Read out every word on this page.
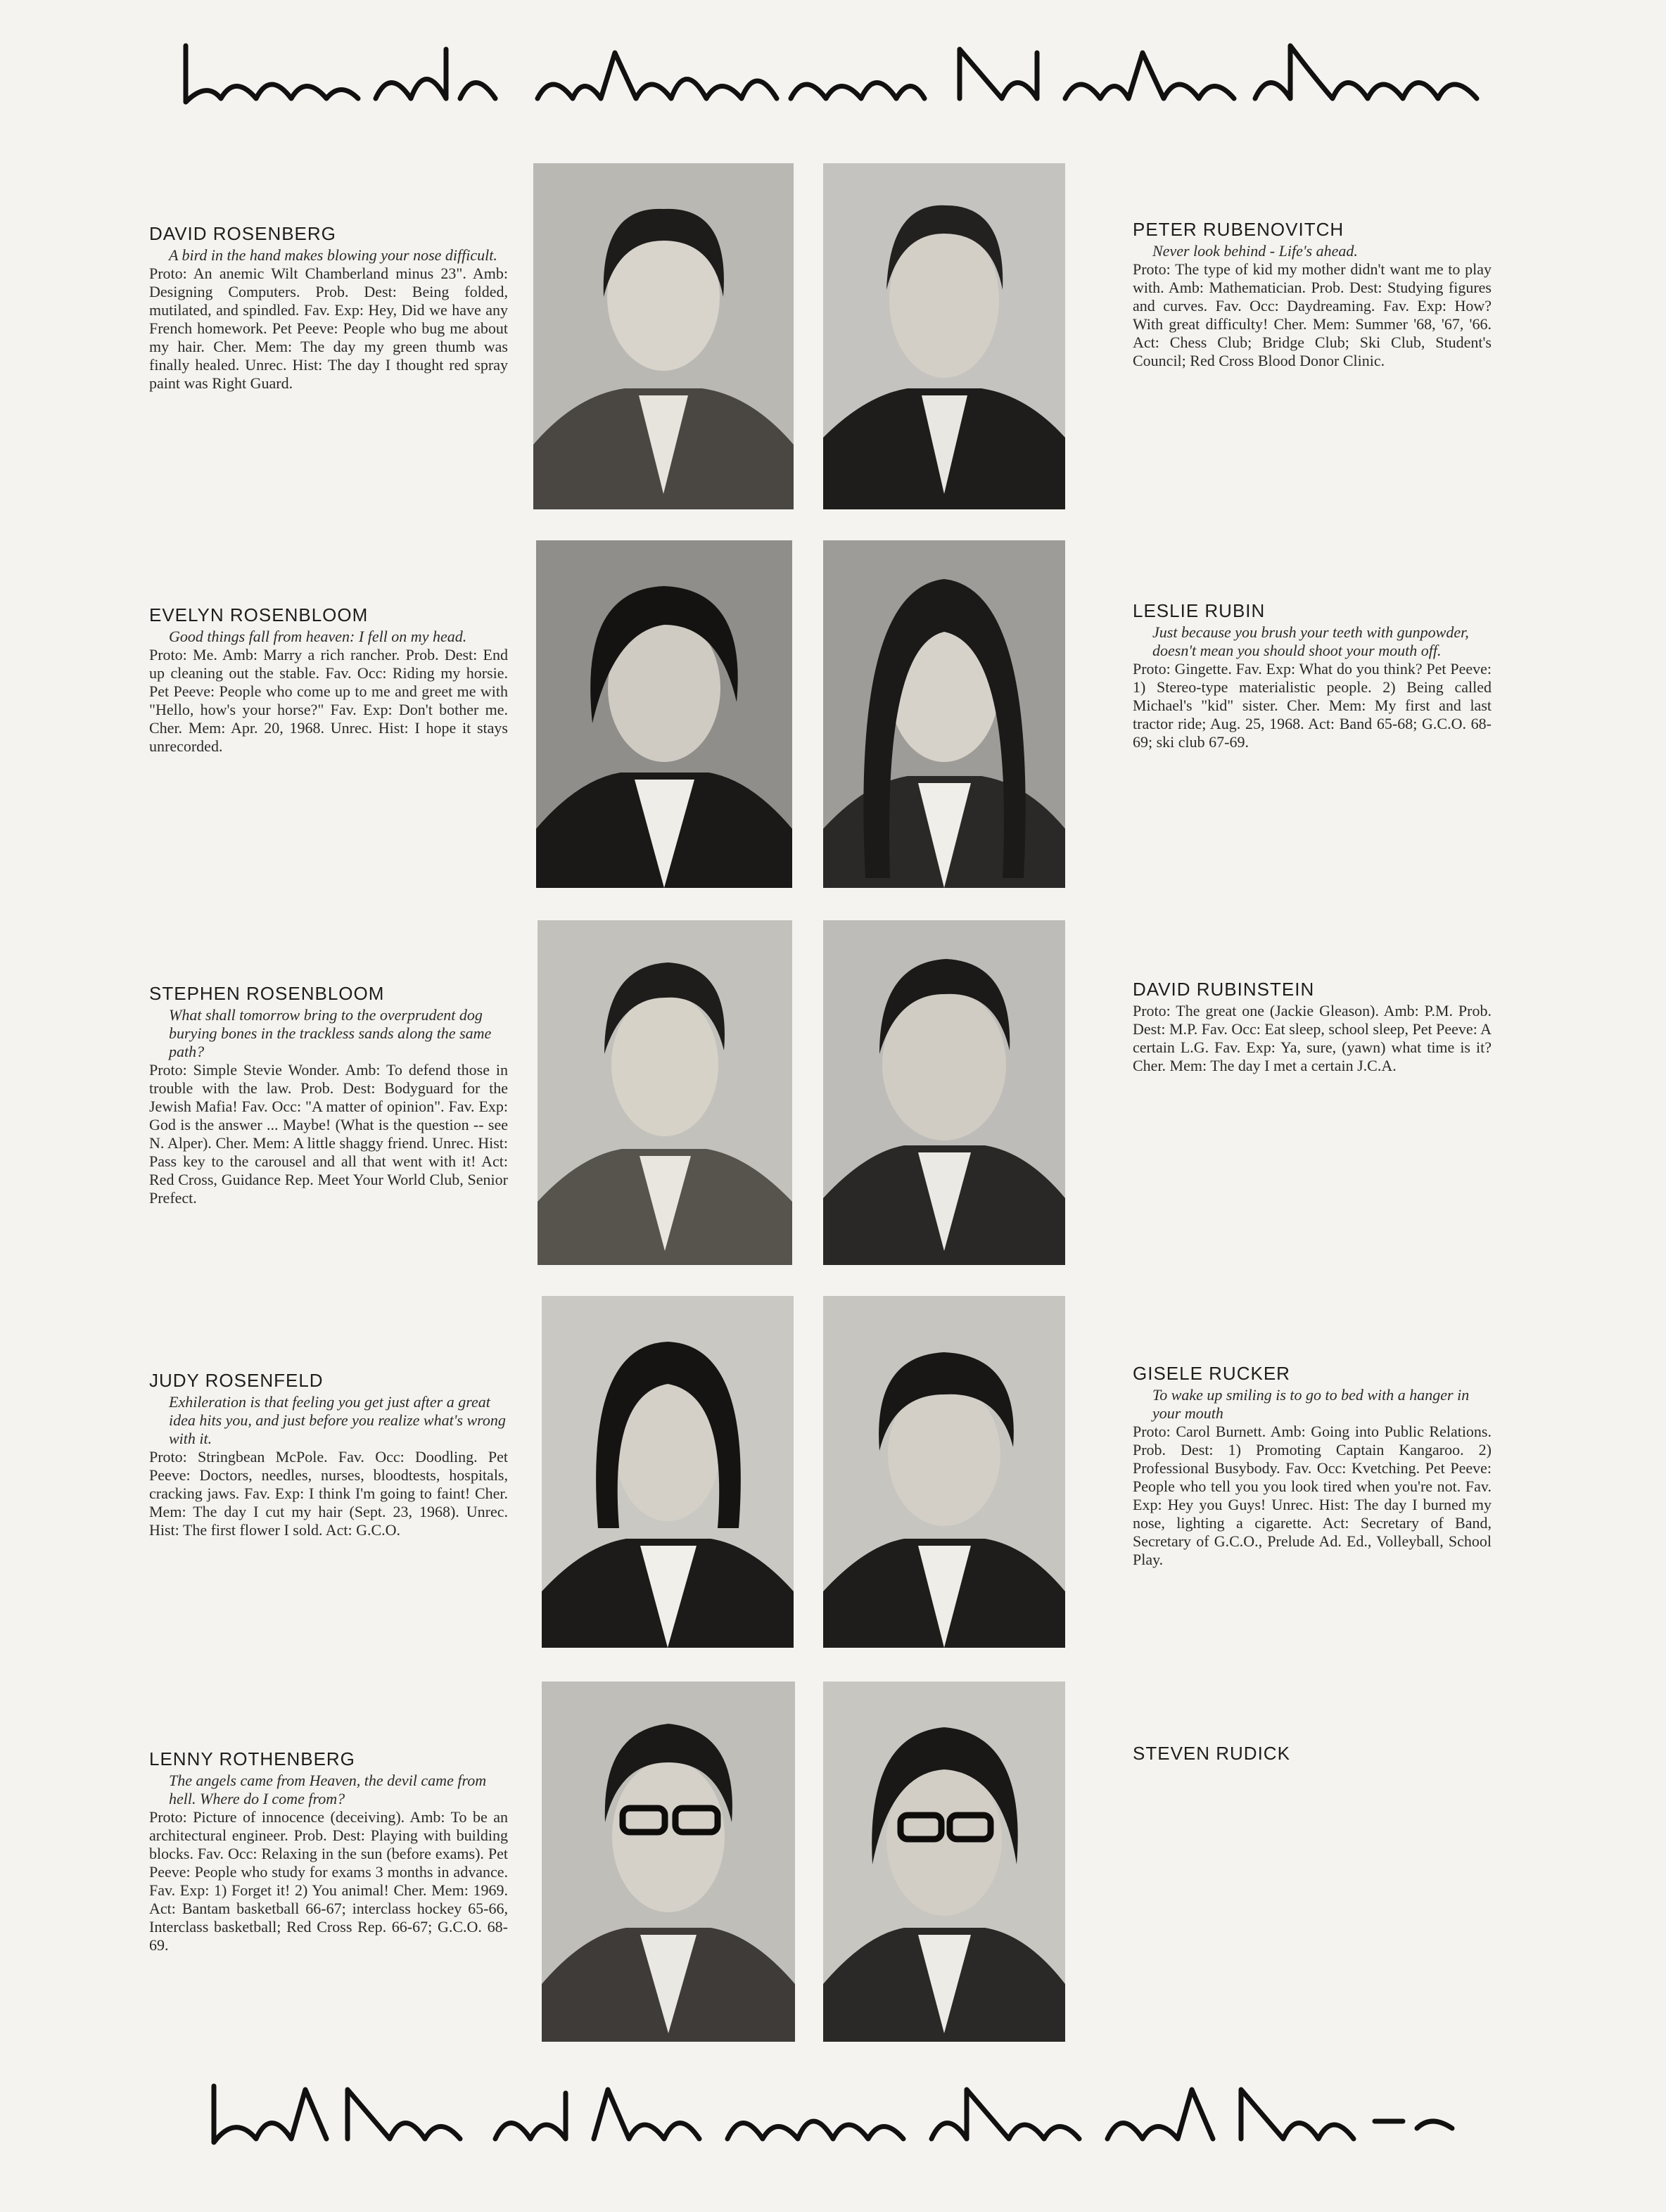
DAVID ROSENBERG
A bird in the hand makes blowing your nose difficult.
Proto: An anemic Wilt Chamberland minus 23". Amb: Designing Computers. Prob. Dest: Being folded, mutilated, and spindled. Fav. Exp: Hey, Did we have any French homework. Pet Peeve: People who bug me about my hair. Cher. Mem: The day my green thumb was finally healed. Unrec. Hist: The day I thought red spray paint was Right Guard.
PETER RUBENOVITCH
Never look behind - Life's ahead.
Proto: The type of kid my mother didn't want me to play with. Amb: Mathematician. Prob. Dest: Studying figures and curves. Fav. Occ: Daydreaming. Fav. Exp: How? With great difficulty! Cher. Mem: Summer '68, '67, '66. Act: Chess Club; Bridge Club; Ski Club, Student's Council; Red Cross Blood Donor Clinic.
EVELYN ROSENBLOOM
Good things fall from heaven: I fell on my head.
Proto: Me. Amb: Marry a rich rancher. Prob. Dest: End up cleaning out the stable. Fav. Occ: Riding my horsie. Pet Peeve: People who come up to me and greet me with "Hello, how's your horse?" Fav. Exp: Don't bother me. Cher. Mem: Apr. 20, 1968. Unrec. Hist: I hope it stays unrecorded.
LESLIE RUBIN
Just because you brush your teeth with gunpowder, doesn't mean you should shoot your mouth off.
Proto: Gingette. Fav. Exp: What do you think? Pet Peeve: 1) Stereo-type materialistic people. 2) Being called Michael's "kid" sister. Cher. Mem: My first and last tractor ride; Aug. 25, 1968. Act: Band 65-68; G.C.O. 68-69; ski club 67-69.
STEPHEN ROSENBLOOM
What shall tomorrow bring to the overprudent dog burying bones in the trackless sands along the same path?
Proto: Simple Stevie Wonder. Amb: To defend those in trouble with the law. Prob. Dest: Bodyguard for the Jewish Mafia! Fav. Occ: "A matter of opinion". Fav. Exp: God is the answer ... Maybe! (What is the question -- see N. Alper). Cher. Mem: A little shaggy friend. Unrec. Hist: Pass key to the carousel and all that went with it! Act: Red Cross, Guidance Rep. Meet Your World Club, Senior Prefect.
DAVID RUBINSTEIN
Proto: The great one (Jackie Gleason). Amb: P.M. Prob. Dest: M.P. Fav. Occ: Eat sleep, school sleep, Pet Peeve: A certain L.G. Fav. Exp: Ya, sure, (yawn) what time is it? Cher. Mem: The day I met a certain J.C.A.
JUDY ROSENFELD
Exhileration is that feeling you get just after a great idea hits you, and just before you realize what's wrong with it.
Proto: Stringbean McPole. Fav. Occ: Doodling. Pet Peeve: Doctors, needles, nurses, bloodtests, hospitals, cracking jaws. Fav. Exp: I think I'm going to faint! Cher. Mem: The day I cut my hair (Sept. 23, 1968). Unrec. Hist: The first flower I sold. Act: G.C.O.
GISELE RUCKER
To wake up smiling is to go to bed with a hanger in your mouth
Proto: Carol Burnett. Amb: Going into Public Relations. Prob. Dest: 1) Promoting Captain Kangaroo. 2) Professional Busybody. Fav. Occ: Kvetching. Pet Peeve: People who tell you you look tired when you're not. Fav. Exp: Hey you Guys! Unrec. Hist: The day I burned my nose, lighting a cigarette. Act: Secretary of Band, Secretary of G.C.O., Prelude Ad. Ed., Volleyball, School Play.
LENNY ROTHENBERG
The angels came from Heaven, the devil came from hell. Where do I come from?
Proto: Picture of innocence (deceiving). Amb: To be an architectural engineer. Prob. Dest: Playing with building blocks. Fav. Occ: Relaxing in the sun (before exams). Pet Peeve: People who study for exams 3 months in advance. Fav. Exp: 1) Forget it! 2) You animal! Cher. Mem: 1969. Act: Bantam basketball 66-67; interclass hockey 65-66, Interclass basketball; Red Cross Rep. 66-67; G.C.O. 68-69.
STEVEN RUDICK
